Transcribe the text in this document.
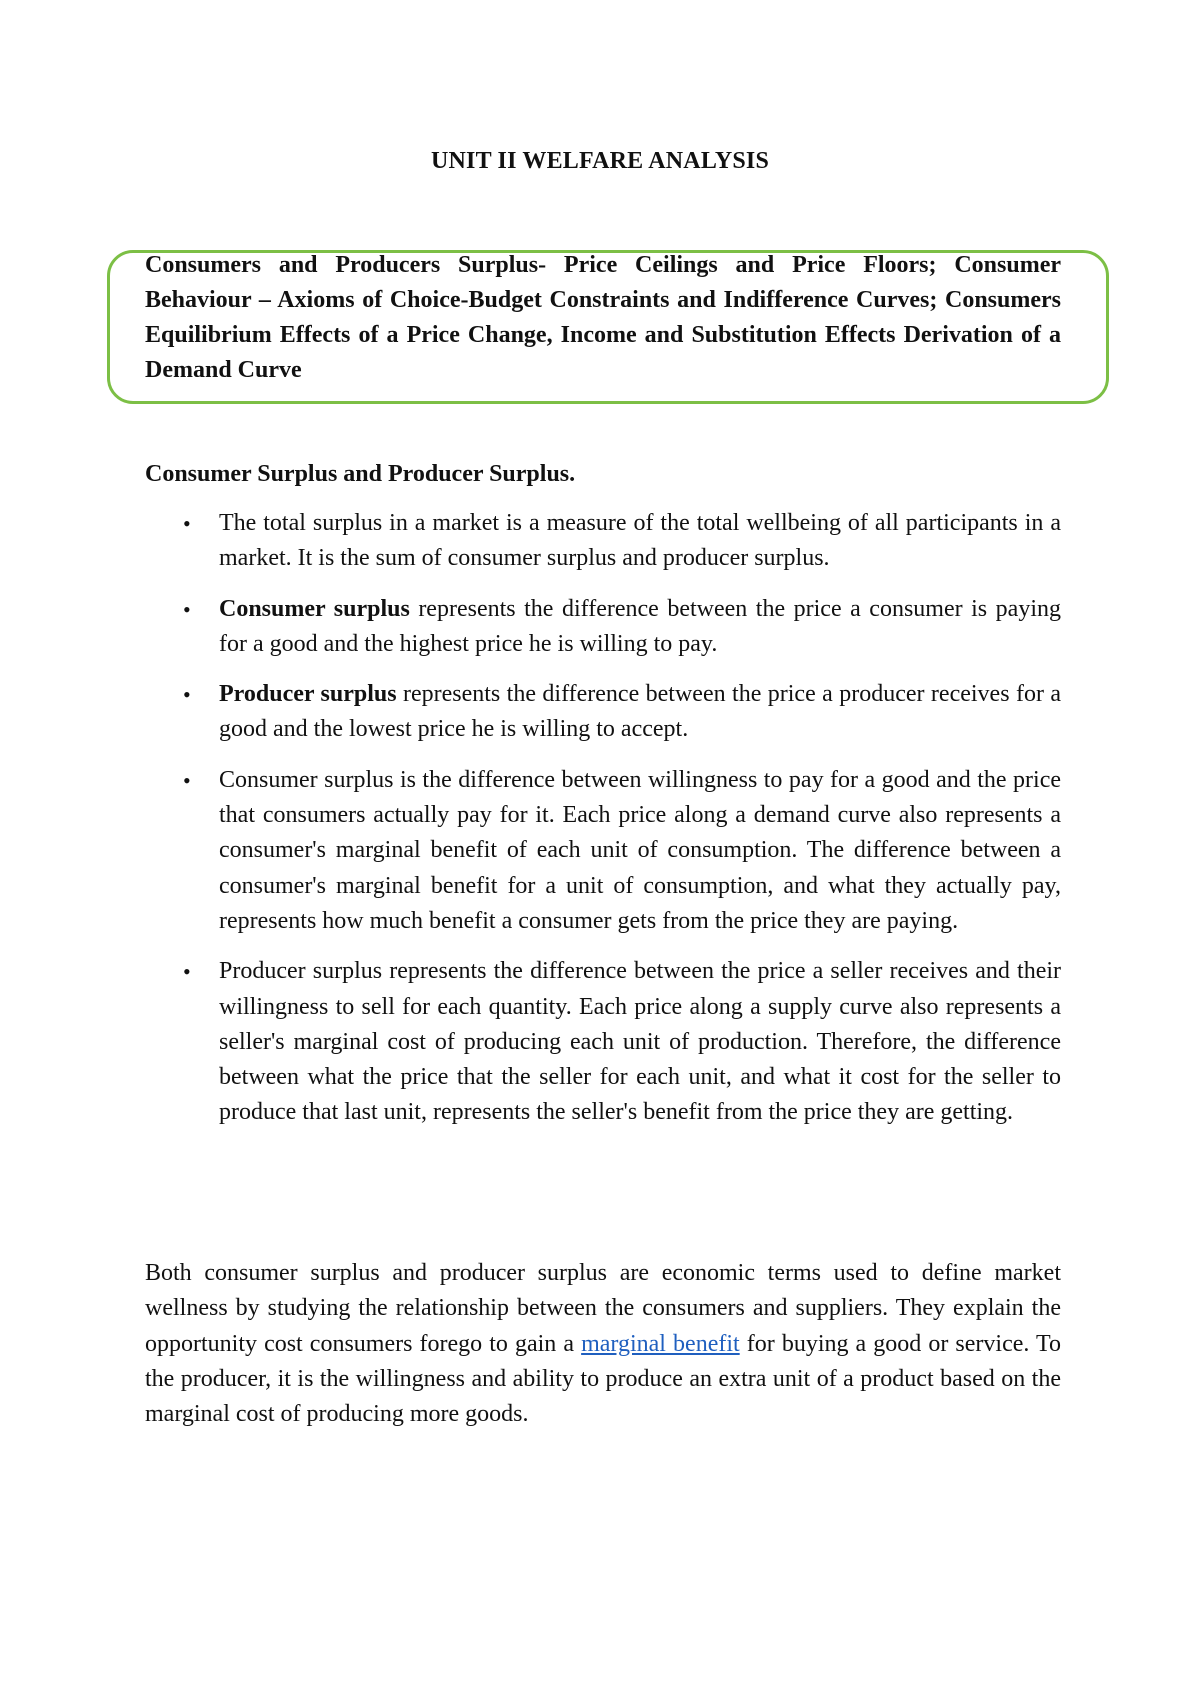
UNIT II WELFARE ANALYSIS
Consumers and Producers Surplus- Price Ceilings and Price Floors; Consumer Behaviour – Axioms of Choice-Budget Constraints and Indifference Curves; Consumers Equilibrium Effects of a Price Change, Income and Substitution Effects Derivation of a Demand Curve
Consumer Surplus and Producer Surplus.
• The total surplus in a market is a measure of the total wellbeing of all participants in a market. It is the sum of consumer surplus and producer surplus.
• Consumer surplus represents the difference between the price a consumer is paying for a good and the highest price he is willing to pay.
• Producer surplus represents the difference between the price a producer receives for a good and the lowest price he is willing to accept.
• Consumer surplus is the difference between willingness to pay for a good and the price that consumers actually pay for it. Each price along a demand curve also represents a consumer's marginal benefit of each unit of consumption. The difference between a consumer's marginal benefit for a unit of consumption, and what they actually pay, represents how much benefit a consumer gets from the price they are paying.
• Producer surplus represents the difference between the price a seller receives and their willingness to sell for each quantity. Each price along a supply curve also represents a seller's marginal cost of producing each unit of production. Therefore, the difference between what the price that the seller for each unit, and what it cost for the seller to produce that last unit, represents the seller's benefit from the price they are getting.

Both consumer surplus and producer surplus are economic terms used to define market wellness by studying the relationship between the consumers and suppliers. They explain the opportunity cost consumers forego to gain a marginal benefit for buying a good or service. To the producer, it is the willingness and ability to produce an extra unit of a product based on the marginal cost of producing more goods.
